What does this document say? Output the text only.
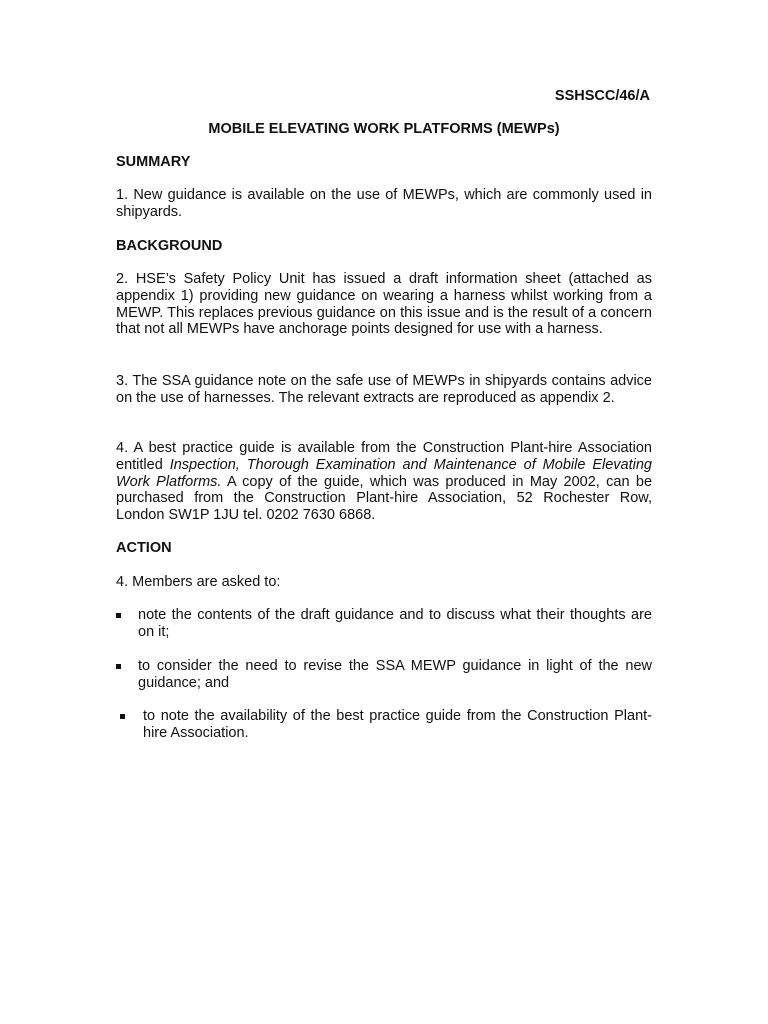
SSHSCC/46/A

MOBILE ELEVATING WORK PLATFORMS (MEWPs)

SUMMARY

1. New guidance is available on the use of MEWPs, which are commonly used in shipyards.

BACKGROUND

2. HSE’s Safety Policy Unit has issued a draft information sheet (attached as appendix 1) providing new guidance on wearing a harness whilst working from a MEWP. This replaces previous guidance on this issue and is the result of a concern that not all MEWPs have anchorage points designed for use with a harness.

3. The SSA guidance note on the safe use of MEWPs in shipyards contains advice on the use of harnesses. The relevant extracts are reproduced as appendix 2.

4. A best practice guide is available from the Construction Plant-hire Association entitled Inspection, Thorough Examination and Maintenance of Mobile Elevating Work Platforms. A copy of the guide, which was produced in May 2002, can be purchased from the Construction Plant-hire Association, 52 Rochester Row, London SW1P 1JU tel. 0202 7630 6868.

ACTION

4. Members are asked to:

note the contents of the draft guidance and to discuss what their thoughts are on it;
to consider the need to revise the SSA MEWP guidance in light of the new guidance; and
to note the availability of the best practice guide from the Construction Plant-hire Association.
